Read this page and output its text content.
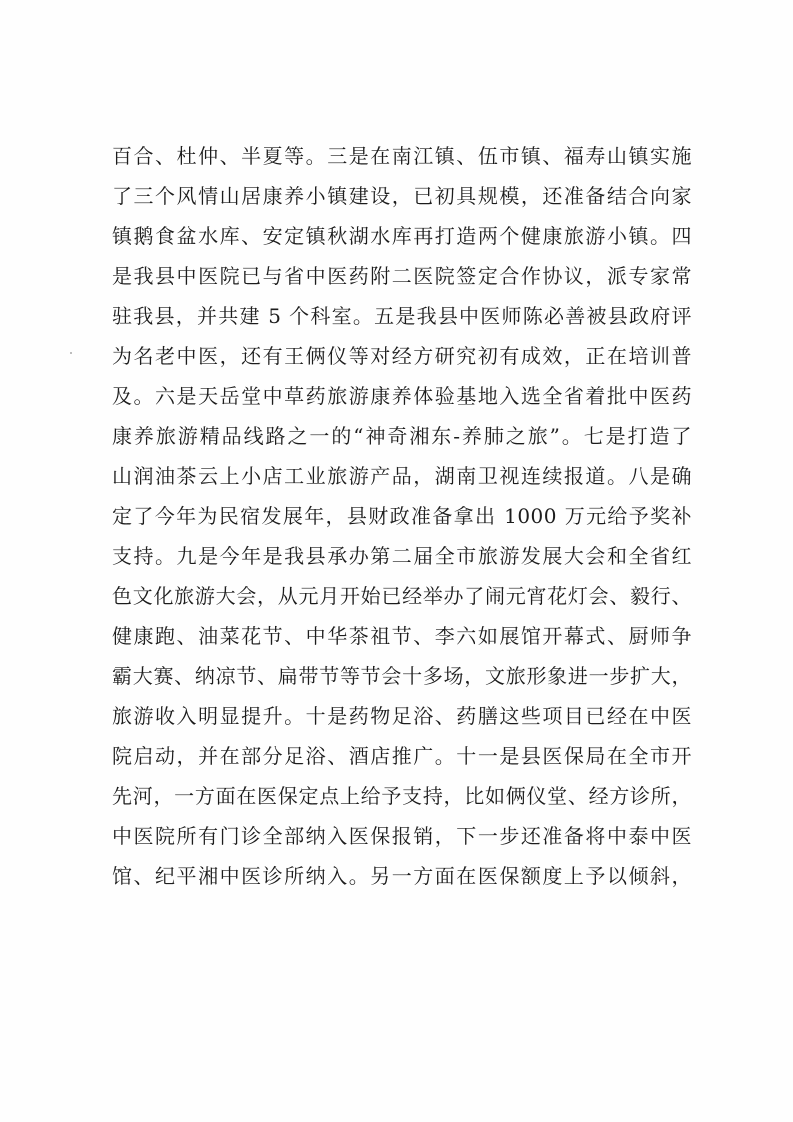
百合、杜仲、半夏等。三是在南江镇、伍市镇、福寿山镇实施
了三个风情山居康养小镇建设，已初具规模，还准备结合向家
镇鹅食盆水库、安定镇秋湖水库再打造两个健康旅游小镇。四
是我县中医院已与省中医药附二医院签定合作协议，派专家常
驻我县，并共建 5 个科室。五是我县中医师陈必善被县政府评
为名老中医，还有王俩仪等对经方研究初有成效，正在培训普
及。六是天岳堂中草药旅游康养体验基地入选全省着批中医药
康养旅游精品线路之一的“神奇湘东-养肺之旅”。七是打造了
山润油茶云上小店工业旅游产品，湖南卫视连续报道。八是确
定了今年为民宿发展年，县财政准备拿出 1000 万元给予奖补
支持。九是今年是我县承办第二届全市旅游发展大会和全省红
色文化旅游大会，从元月开始已经举办了闹元宵花灯会、毅行、
健康跑、油菜花节、中华茶祖节、李六如展馆开幕式、厨师争
霸大赛、纳凉节、扁带节等节会十多场，文旅形象进一步扩大，
旅游收入明显提升。十是药物足浴、药膳这些项目已经在中医
院启动，并在部分足浴、酒店推广。十一是县医保局在全市开
先河，一方面在医保定点上给予支持，比如俩仪堂、经方诊所，
中医院所有门诊全部纳入医保报销，下一步还准备将中泰中医
馆、纪平湘中医诊所纳入。另一方面在医保额度上予以倾斜，
